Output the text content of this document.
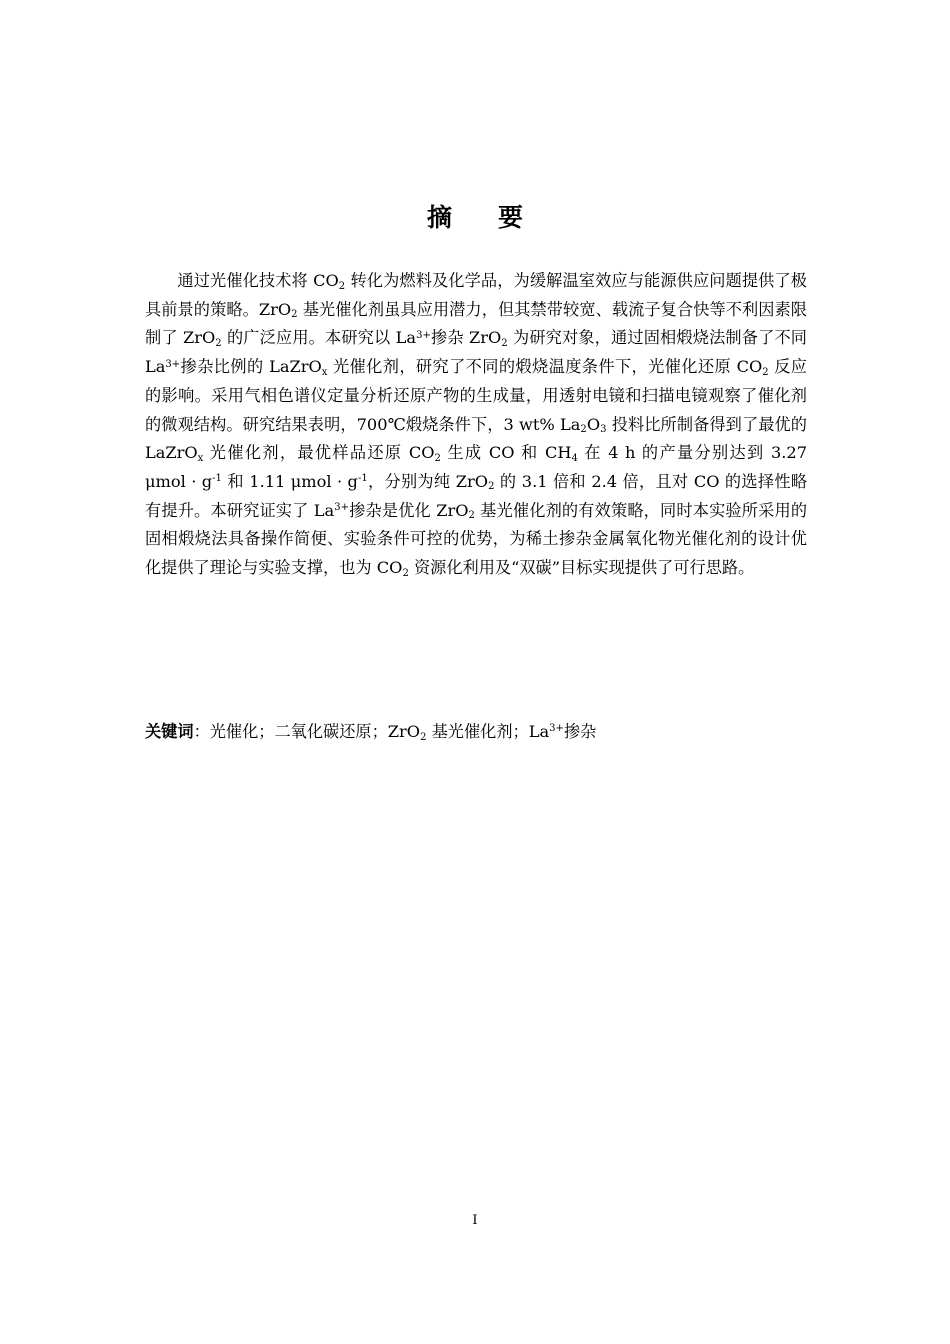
摘 要

通过光催化技术将 $CO_2$ 转化为燃料及化学品，为缓解温室效应与能源供应问题提供了极具前景的策略。ZrO$_2$ 基光催化剂虽具应用潜力，但其禁带较宽、载流子复合快等不利因素限制了 ZrO$_2$ 的广泛应用。本研究以 $La^{3+}$掺杂 ZrO$_2$ 为研究对象，通过固相煅烧法制备了不同 $La^{3+}$掺杂比例的 LaZrO$_x$ 光催化剂，研究了不同的煅烧温度条件下，光催化还原 $CO_2$ 反应的影响。采用气相色谱仪定量分析还原产物的生成量，用透射电镜和扫描电镜观察了催化剂的微观结构。研究结果表明，700℃煅烧条件下，3 wt% $La_2O_3$ 投料比所制备得到了最优的 LaZrO$_x$ 光催化剂，最优样品还原 $CO_2$ 生成 CO 和 $CH_4$ 在 4 h 的产量分别达到 3.27 $\mu mol \cdot g^{-1}$ 和 1.11 $\mu mol \cdot g^{-1}$，分别为纯 ZrO$_2$ 的 3.1 倍和 2.4 倍，且对 CO 的选择性略有提升。本研究证实了 $La^{3+}$掺杂是优化 ZrO$_2$ 基光催化剂的有效策略，同时本实验所采用的固相煅烧法具备操作简便、实验条件可控的优势，为稀土掺杂金属氧化物光催化剂的设计优化提供了理论与实验支撑，也为 $CO_2$ 资源化利用及“双碳”目标实现提供了可行思路。

关键词：光催化；二氧化碳还原；ZrO$_2$ 基光催化剂；$La^{3+}$掺杂

I
